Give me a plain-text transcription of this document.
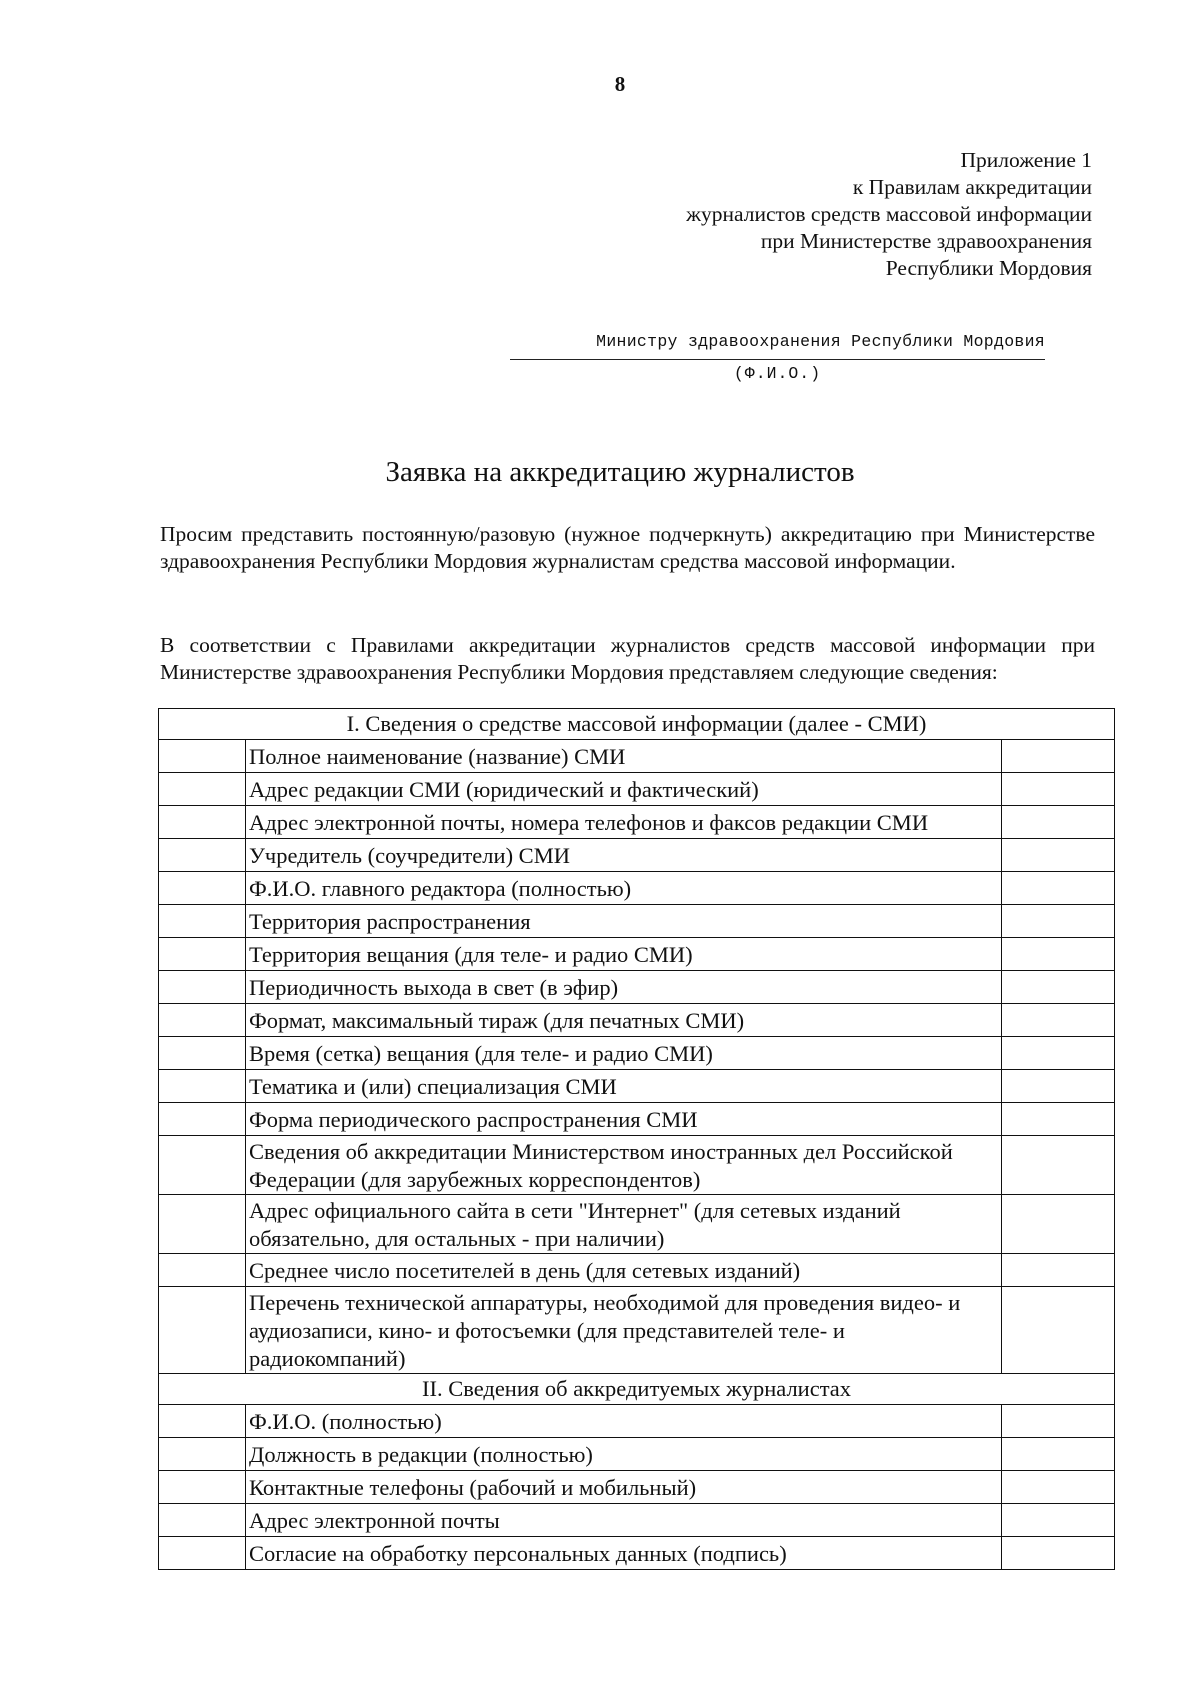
8
Приложение 1
к Правилам аккредитации
журналистов средств массовой информации
при Министерстве здравоохранения
Республики Мордовия
Министру здравоохранения Республики Мордовия
(Ф.И.О.)
Заявка на аккредитацию журналистов
Просим представить постоянную/разовую (нужное подчеркнуть) аккредитацию при Министерстве здравоохранения Республики Мордовия журналистам средства массовой информации.
В соответствии с Правилами аккредитации журналистов средств массовой информации при Министерстве здравоохранения Республики Мордовия представляем следующие сведения:
I. Сведения о средстве массовой информации (далее - СМИ)		
	Полное наименование (название) СМИ	
	Адрес редакции СМИ (юридический и фактический)	
	Адрес электронной почты, номера телефонов и факсов редакции СМИ	
	Учредитель (соучредители) СМИ	
	Ф.И.О. главного редактора (полностью)	
	Территория распространения	
	Территория вещания (для теле- и радио СМИ)	
	Периодичность выхода в свет (в эфир)	
	Формат, максимальный тираж (для печатных СМИ)	
	Время (сетка) вещания (для теле- и радио СМИ)	
	Тематика и (или) специализация СМИ	
	Форма периодического распространения СМИ	
	Сведения об аккредитации Министерством иностранных дел Российской Федерации (для зарубежных корреспондентов)	
	Адрес официального сайта в сети "Интернет" (для сетевых изданий обязательно, для остальных - при наличии)	
	Среднее число посетителей в день (для сетевых изданий)	
	Перечень технической аппаратуры, необходимой для проведения видео- и аудиозаписи, кино- и фотосъемки (для представителей теле- и радиокомпаний)	
II. Сведения об аккредитуемых журналистах		
	Ф.И.О. (полностью)	
	Должность в редакции (полностью)	
	Контактные телефоны (рабочий и мобильный)	
	Адрес электронной почты	
	Согласие на обработку персональных данных (подпись)	
